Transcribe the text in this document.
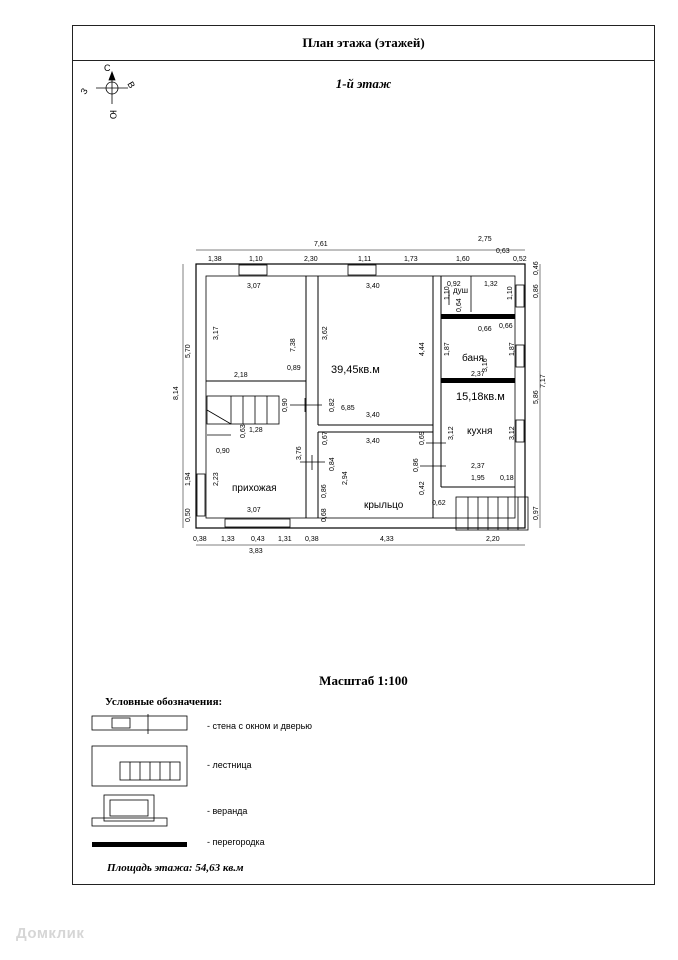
План этажа (этажей)
1-й этаж
Масштаб 1:100
Условные обозначения:
- стена с окном и дверью
- лестница
- веранда
- перегородка
Площадь этажа: 54,63 кв.м
С
Ю
В
З
39,45кв.м
15,18кв.м
баня
душ
кухня
прихожая
крыльцо
7,61
2,75
0,63
1,38	1,10	2,30	1,11	1,73	1,60	0,52
0,38 1,33 0,43 1,31 0,38	4,33	2,20
3,83
8,14
5,70
1,94
0,50
7,17
5,86
0,46
0,86
0,97
3,07	3,40
3,17	3,62
7,38	4,44
2,18
0,89
0,90	0,82 6,85
3,40
0,63 1,28
0,90
2,23
3,07
3,76
0,67	3,40
0,84
2,94
0,86
0,68
0,69
0,86
0,42
0,62
3,12	3,12
2,37
1,95 0,18
0,92	1,32
1,10
0,64
1,10
0,66 0,66
1,87
3,16
1,87
2,37
Домклик
